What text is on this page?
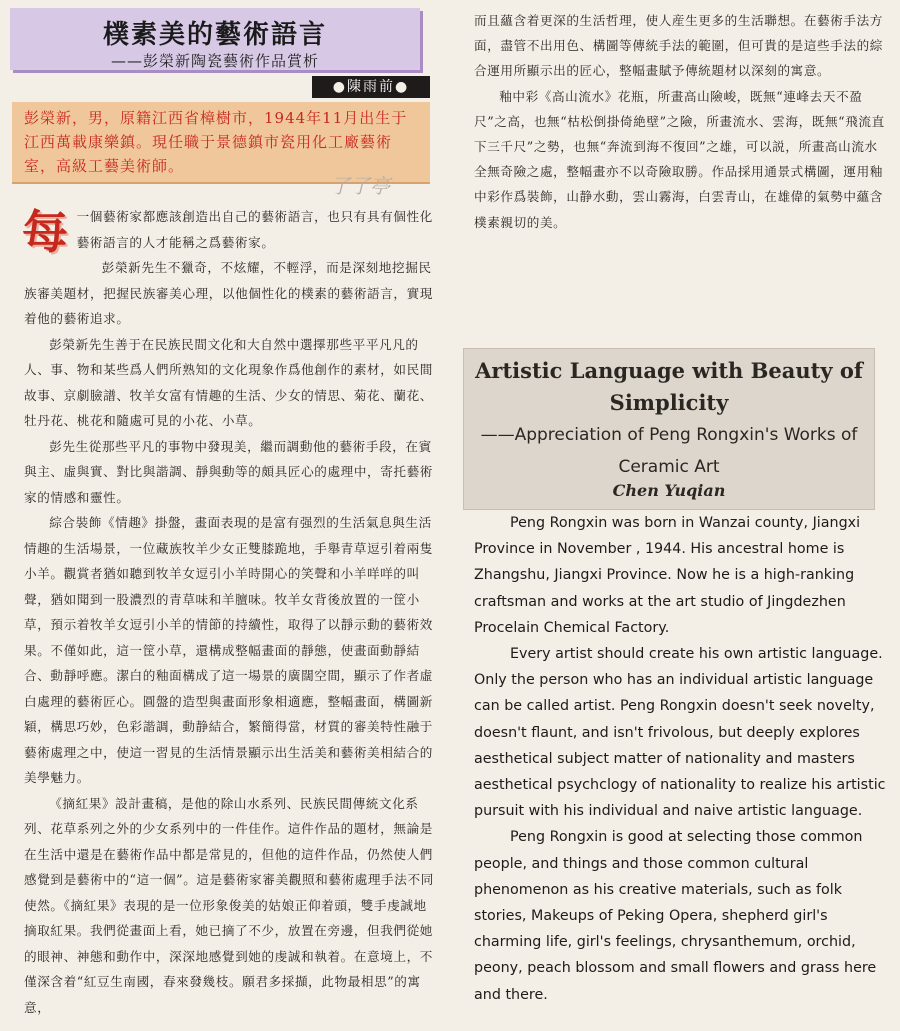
樸素美的藝術語言
——彭榮新陶瓷藝術作品賞析
●陳雨前●
彭榮新，男，原籍江西省樟樹市，1944年11月出生于江西萬載康樂鎮。現任職于景德鎮市瓷用化工廠藝術室，高級工藝美術師。
了了亭

每一個藝術家都應該創造出自己的藝術語言，也只有具有個性化藝術語言的人才能稱之爲藝術家。

彭榮新先生不獵奇，不炫耀，不輕浮，而是深刻地挖掘民族審美題材，把握民族審美心理，以他個性化的樸素的藝術語言，實現着他的藝術追求。

彭榮新先生善于在民族民間文化和大自然中選擇那些平平凡凡的人、事、物和某些爲人們所熟知的文化現象作爲他創作的素材，如民間故事、京劇臉譜、牧羊女富有情趣的生活、少女的情思、菊花、蘭花、牡丹花、桃花和隨處可見的小花、小草。

彭先生從那些平凡的事物中發現美，繼而調動他的藝術手段，在賓與主、虛與實、對比與諧調、靜與動等的頗具匠心的處理中，寄托藝術家的情感和靈性。

綜合裝飾《情趣》掛盤，畫面表現的是富有强烈的生活氣息與生活情趣的生活場景，一位藏族牧羊少女正雙膝跪地，手舉青草逗引着兩隻小羊。觀賞者猶如聽到牧羊女逗引小羊時開心的笑聲和小羊咩咩的叫聲，猶如聞到一股濃烈的青草味和羊膻味。牧羊女背後放置的一筐小草，預示着牧羊女逗引小羊的情節的持續性，取得了以靜示動的藝術效果。不僅如此，這一筐小草，還構成整幅畫面的靜態，使畫面動靜結合、動靜呼應。潔白的釉面構成了這一場景的廣闊空間，顯示了作者虛白處理的藝術匠心。圓盤的造型與畫面形象相適應，整幅畫面，構圖新穎，構思巧妙，色彩諧調，動静結合，繁簡得當，材質的審美特性融于藝術處理之中，使這一習見的生活情景顯示出生活美和藝術美相結合的美學魅力。

《摘紅果》設計畫稿，是他的除山水系列、民族民間傳統文化系列、花草系列之外的少女系列中的一件佳作。這件作品的題材，無論是在生活中還是在藝術作品中都是常見的，但他的這件作品，仍然使人們感覺到是藝術中的“這一個”。這是藝術家審美觀照和藝術處理手法不同使然。《摘紅果》表現的是一位形象俊美的姑娘正仰着頭，雙手虔誠地摘取紅果。我們從畫面上看，她已摘了不少，放置在旁邊，但我們從她的眼神、神態和動作中，深深地感覺到她的虔誠和執着。在意境上，不僅深含着“紅豆生南國，春來發幾枝。願君多採擷，此物最相思”的寓意，

而且蘊含着更深的生活哲理，使人産生更多的生活聯想。在藝術手法方面，盡管不出用色、構圖等傳統手法的範圍，但可貴的是這些手法的綜合運用所顯示出的匠心，整幅畫賦予傳統題材以深刻的寓意。

釉中彩《高山流水》花瓶，所畫高山險峻，既無“連峰去天不盈尺”之高，也無“枯松倒掛倚絶壁”之險，所畫流水、雲海，既無“飛流直下三千尺”之勢，也無“奔流到海不復回”之雄，可以説，所畫高山流水全無奇險之處，整幅畫亦不以奇險取勝。作品採用通景式構圖，運用釉中彩作爲裝飾，山静水動，雲山霧海，白雲青山，在雄偉的氣勢中蘊含樸素親切的美。

Artistic Language with Beauty of Simplicity
——Appreciation of Peng Rongxin's Works of Ceramic Art
Chen Yuqian

Peng Rongxin was born in Wanzai county, Jiangxi Province in November , 1944. His ancestral home is Zhangshu, Jiangxi Province. Now he is a high-ranking craftsman and works at the art studio of Jingdezhen Procelain Chemical Factory.

Every artist should create his own artistic language. Only the person who has an individual artistic language can be called artist. Peng Rongxin doesn't seek novelty, doesn't flaunt, and isn't frivolous, but deeply explores aesthetical subject matter of nationality and masters aesthetical psychclogy of nationality to realize his artistic pursuit with his individual and naive artistic language.

Peng Rongxin is good at selecting those common people, and things and those common cultural phenomenon as his creative materials, such as folk stories, Makeups of Peking Opera, shepherd girl's charming life, girl's feelings, chrysanthemum, orchid, peony, peach blossom and small flowers and grass here and there.
